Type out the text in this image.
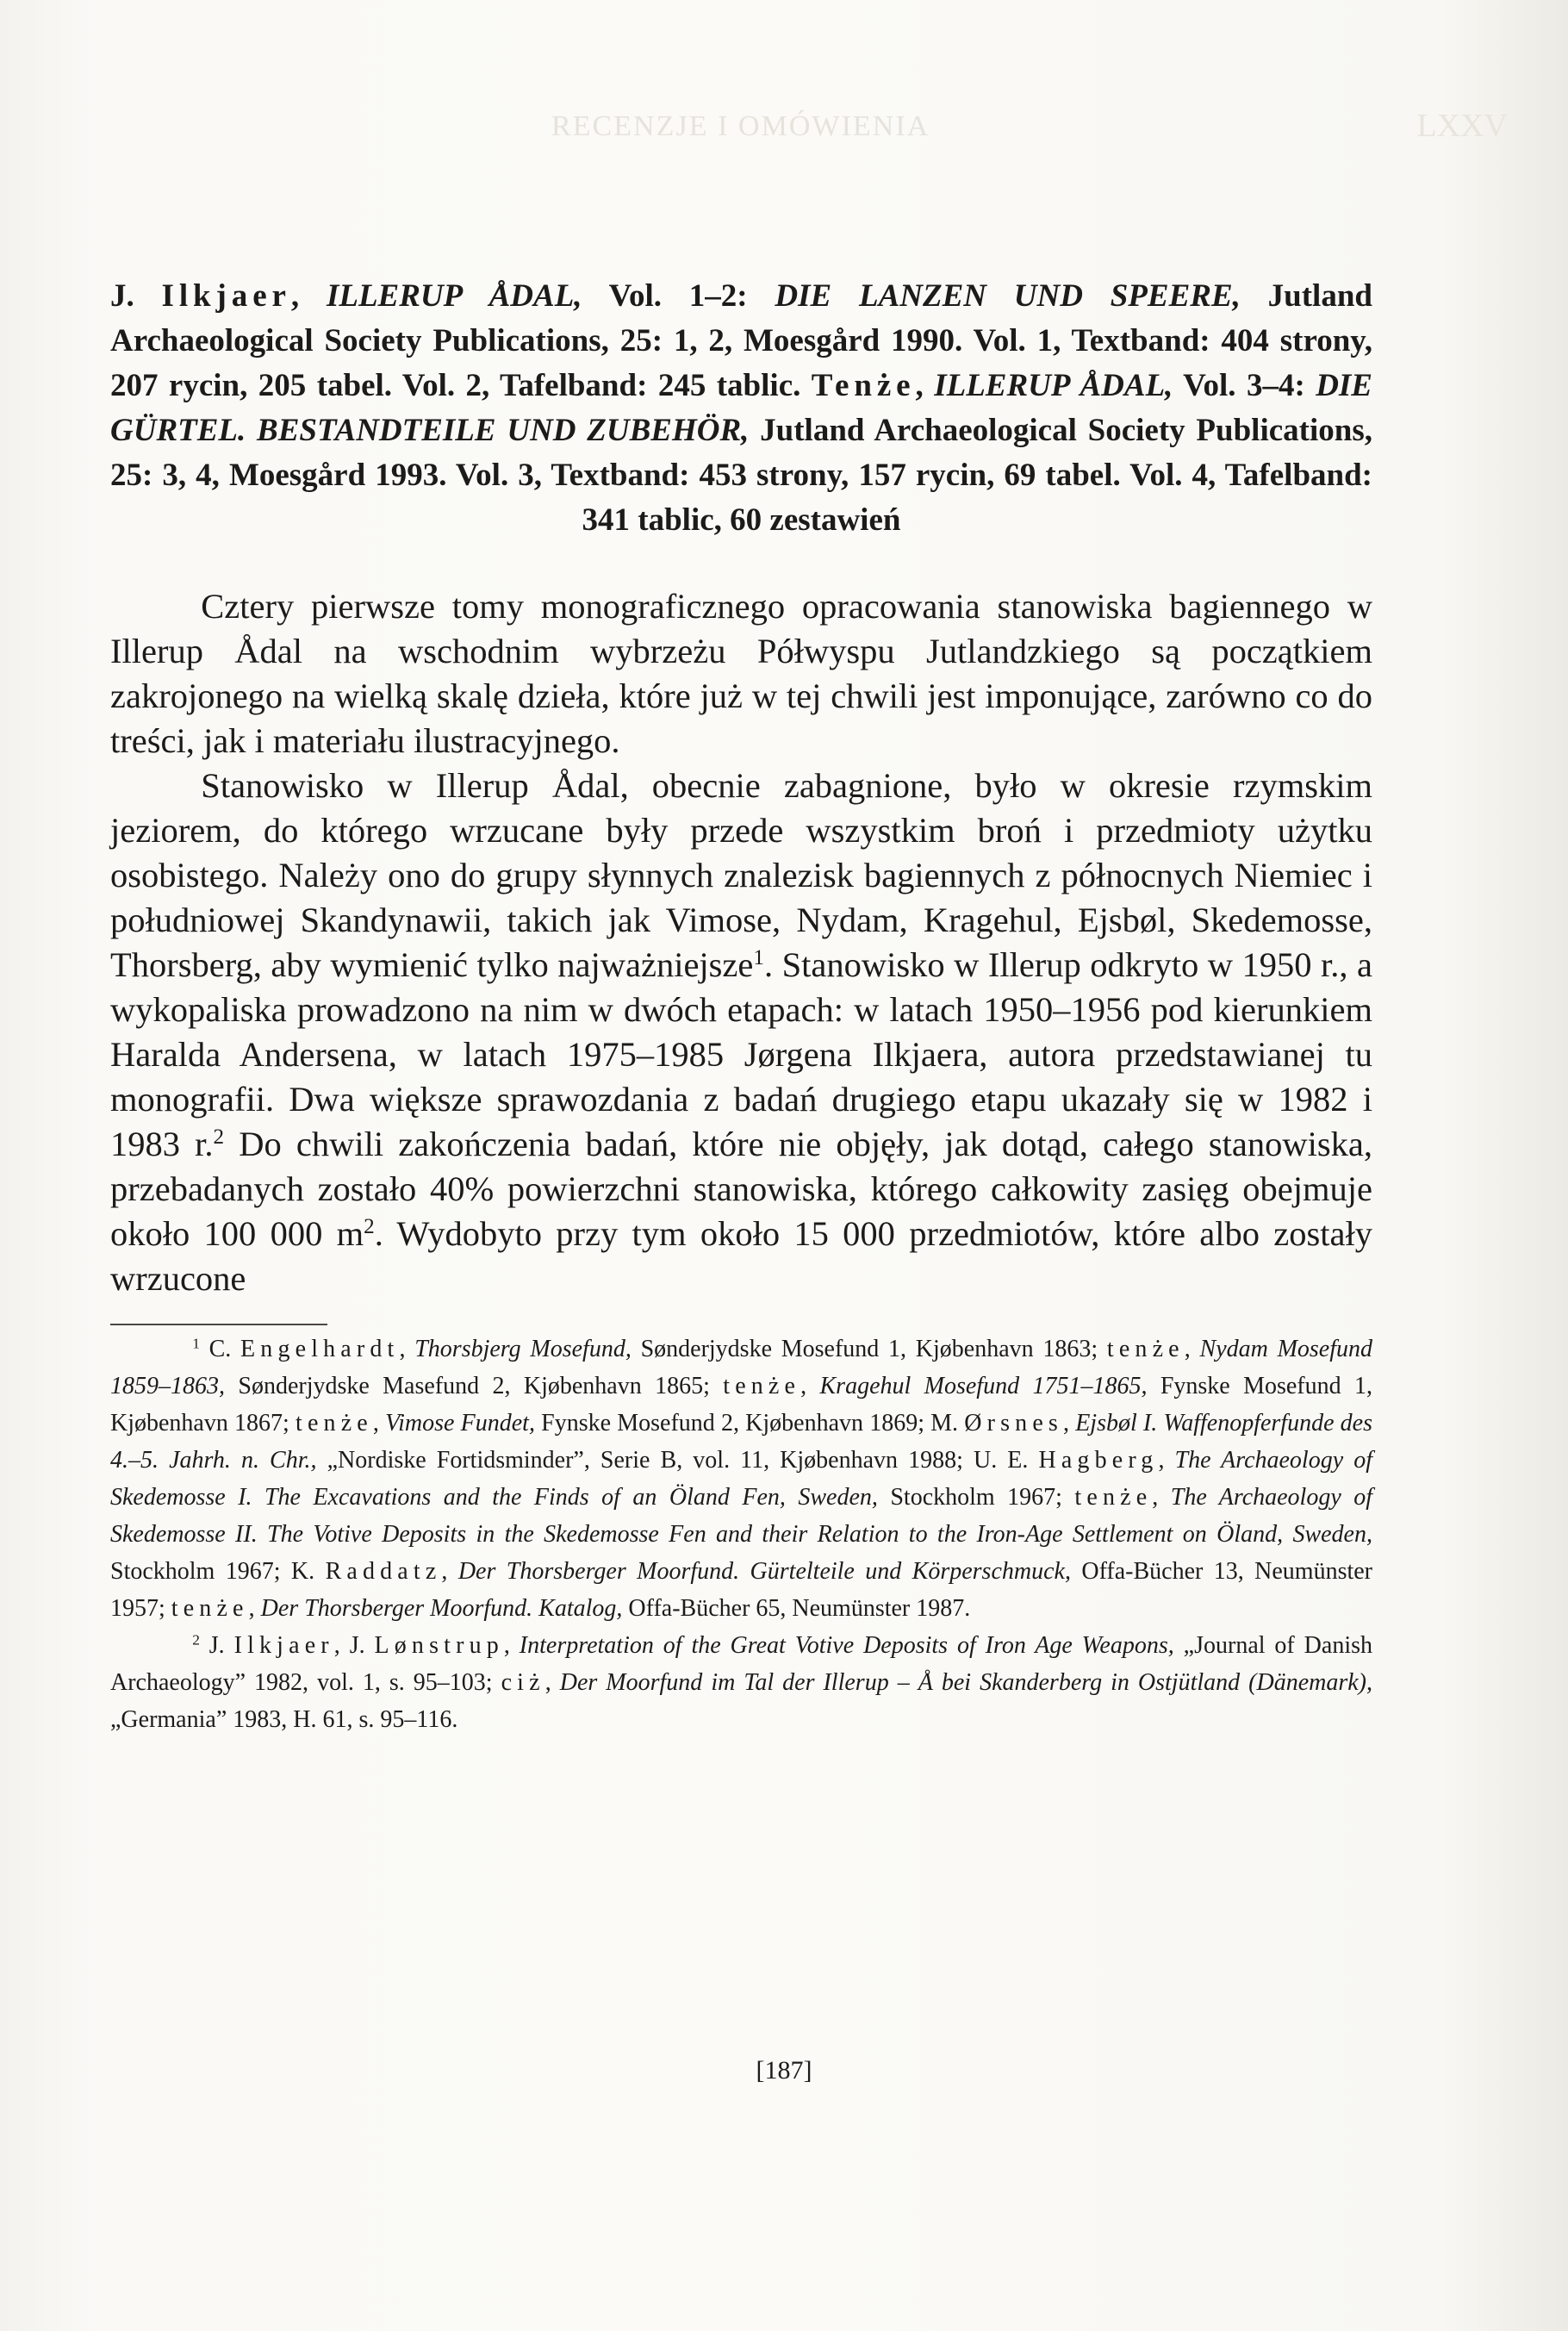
RECENZJE I OMÓWIENIA	LXXV
J. Ilkjaer, ILLERUP ÅDAL, Vol. 1–2: DIE LANZEN UND SPEERE, Jutland Archaeological Society Publications, 25: 1, 2, Moesgård 1990. Vol. 1, Textband: 404 strony, 207 rycin, 205 tabel. Vol. 2, Tafelband: 245 tablic. Tenże, ILLERUP ÅDAL, Vol. 3–4: DIE GÜRTEL. BESTANDTEILE UND ZUBEHÖR, Jutland Archaeological Society Publications, 25: 3, 4, Moesgård 1993. Vol. 3, Textband: 453 strony, 157 rycin, 69 tabel. Vol. 4, Tafelband: 341 tablic, 60 zestawień

Cztery pierwsze tomy monograficznego opracowania stanowiska bagiennego w Illerup Ådal na wschodnim wybrzeżu Półwyspu Jutlandzkiego są początkiem zakrojonego na wielką skalę dzieła, które już w tej chwili jest imponujące, zarówno co do treści, jak i materiału ilustracyjnego.

Stanowisko w Illerup Ådal, obecnie zabagnione, było w okresie rzymskim jeziorem, do którego wrzucane były przede wszystkim broń i przedmioty użytku osobistego. Należy ono do grupy słynnych znalezisk bagiennych z północnych Niemiec i południowej Skandynawii, takich jak Vimose, Nydam, Kragehul, Ejsbøl, Skedemosse, Thorsberg, aby wymienić tylko najważniejsze$^1$. Stanowisko w Illerup odkryto w 1950 r., a wykopaliska prowadzono na nim w dwóch etapach: w latach 1950–1956 pod kierunkiem Haralda Andersena, w latach 1975–1985 Jørgena Ilkjaera, autora przedstawianej tu monografii. Dwa większe sprawozdania z badań drugiego etapu ukazały się w 1982 i 1983 r.$^2$ Do chwili zakończenia badań, które nie objęły, jak dotąd, całego stanowiska, przebadanych zostało 40% powierzchni stanowiska, którego całkowity zasięg obejmuje około 100 000 $m^2$. Wydobyto przy tym około 15 000 przedmiotów, które albo zostały wrzucone

$^1$ C. Engelhardt, Thorsbjerg Mosefund, Sønderjydske Mosefund 1, Kjøbenhavn 1863; tenże, Nydam Mosefund 1859–1863, Sønderjydske Masefund 2, Kjøbenhavn 1865; tenże, Kragehul Mosefund 1751–1865, Fynske Mosefund 1, Kjøbenhavn 1867; tenże, Vimose Fundet, Fynske Mosefund 2, Kjøbenhavn 1869; M. Ørsnes, Ejsbøl I. Waffenopferfunde des 4.–5. Jahrh. n. Chr., „Nordiske Fortidsminder”, Serie B, vol. 11, Kjøbenhavn 1988; U. E. Hagberg, The Archaeology of Skedemosse I. The Excavations and the Finds of an Öland Fen, Sweden, Stockholm 1967; tenże, The Archaeology of Skedemosse II. The Votive Deposits in the Skedemosse Fen and their Relation to the Iron-Age Settlement on Öland, Sweden, Stockholm 1967; K. Raddatz, Der Thorsberger Moorfund. Gürtelteile und Körperschmuck, Offa-Bücher 13, Neumünster 1957; tenże, Der Thorsberger Moorfund. Katalog, Offa-Bücher 65, Neumünster 1987.

$^2$ J. Ilkjaer, J. Lønstrup, Interpretation of the Great Votive Deposits of Iron Age Weapons, „Journal of Danish Archaeology” 1982, vol. 1, s. 95–103; ciż, Der Moorfund im Tal der Illerup – Å bei Skanderberg in Ostjütland (Dänemark), „Germania” 1983, H. 61, s. 95–116.

[187]
